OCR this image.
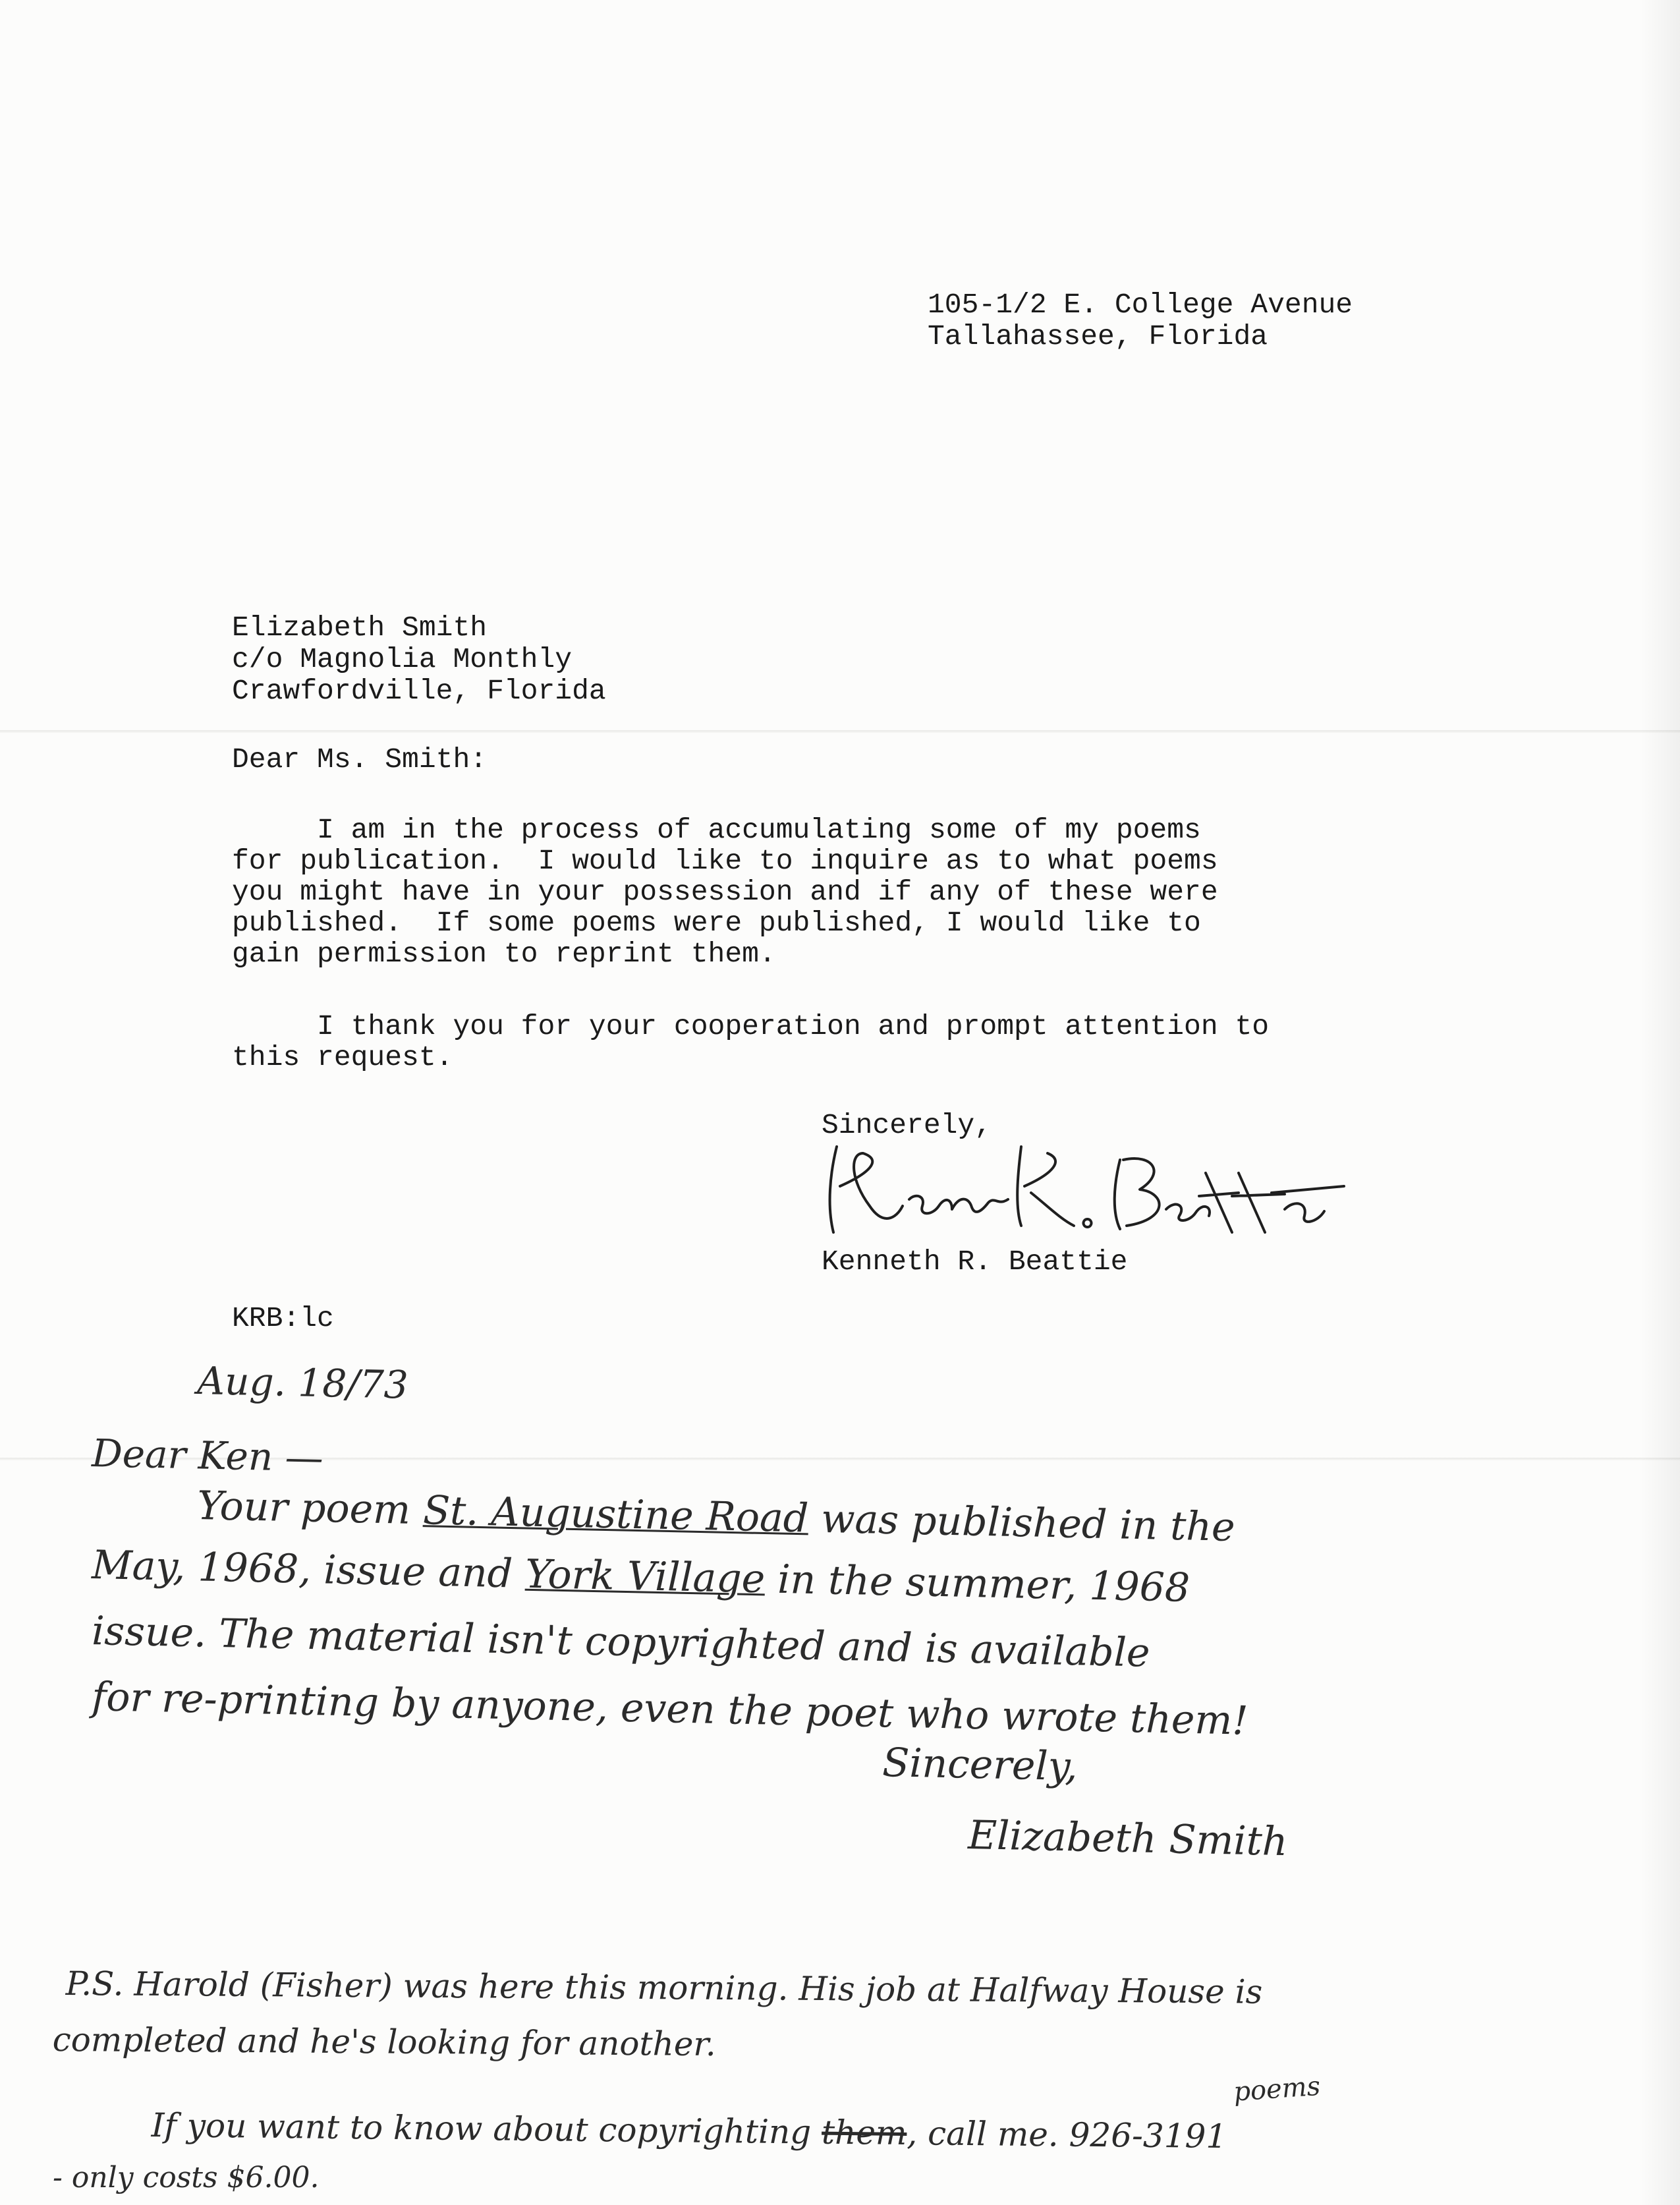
105-1/2 E. College Avenue
Tallahassee, Florida
Elizabeth Smith
c/o Magnolia Monthly
Crawfordville, Florida
Dear Ms. Smith:
I am in the process of accumulating some of my poems
for publication.  I would like to inquire as to what poems
you might have in your possession and if any of these were
published.  If some poems were published, I would like to
gain permission to reprint them.
I thank you for your cooperation and prompt attention to
this request.
Sincerely,
Kenneth R. Beattie
KRB:lc
Aug. 18/73
Dear Ken —
Your poem St. Augustine Road was published in the
May, 1968, issue and York Village in the summer, 1968
issue. The material isn't copyrighted and is available
for re-printing by anyone, even the poet who wrote them!
Sincerely,
Elizabeth Smith
P.S. Harold (Fisher) was here this morning. His job at Halfway House is
completed and he's looking for another.
poems
If you want to know about copyrighting them, call me. 926-3191
- only costs $6.00.
